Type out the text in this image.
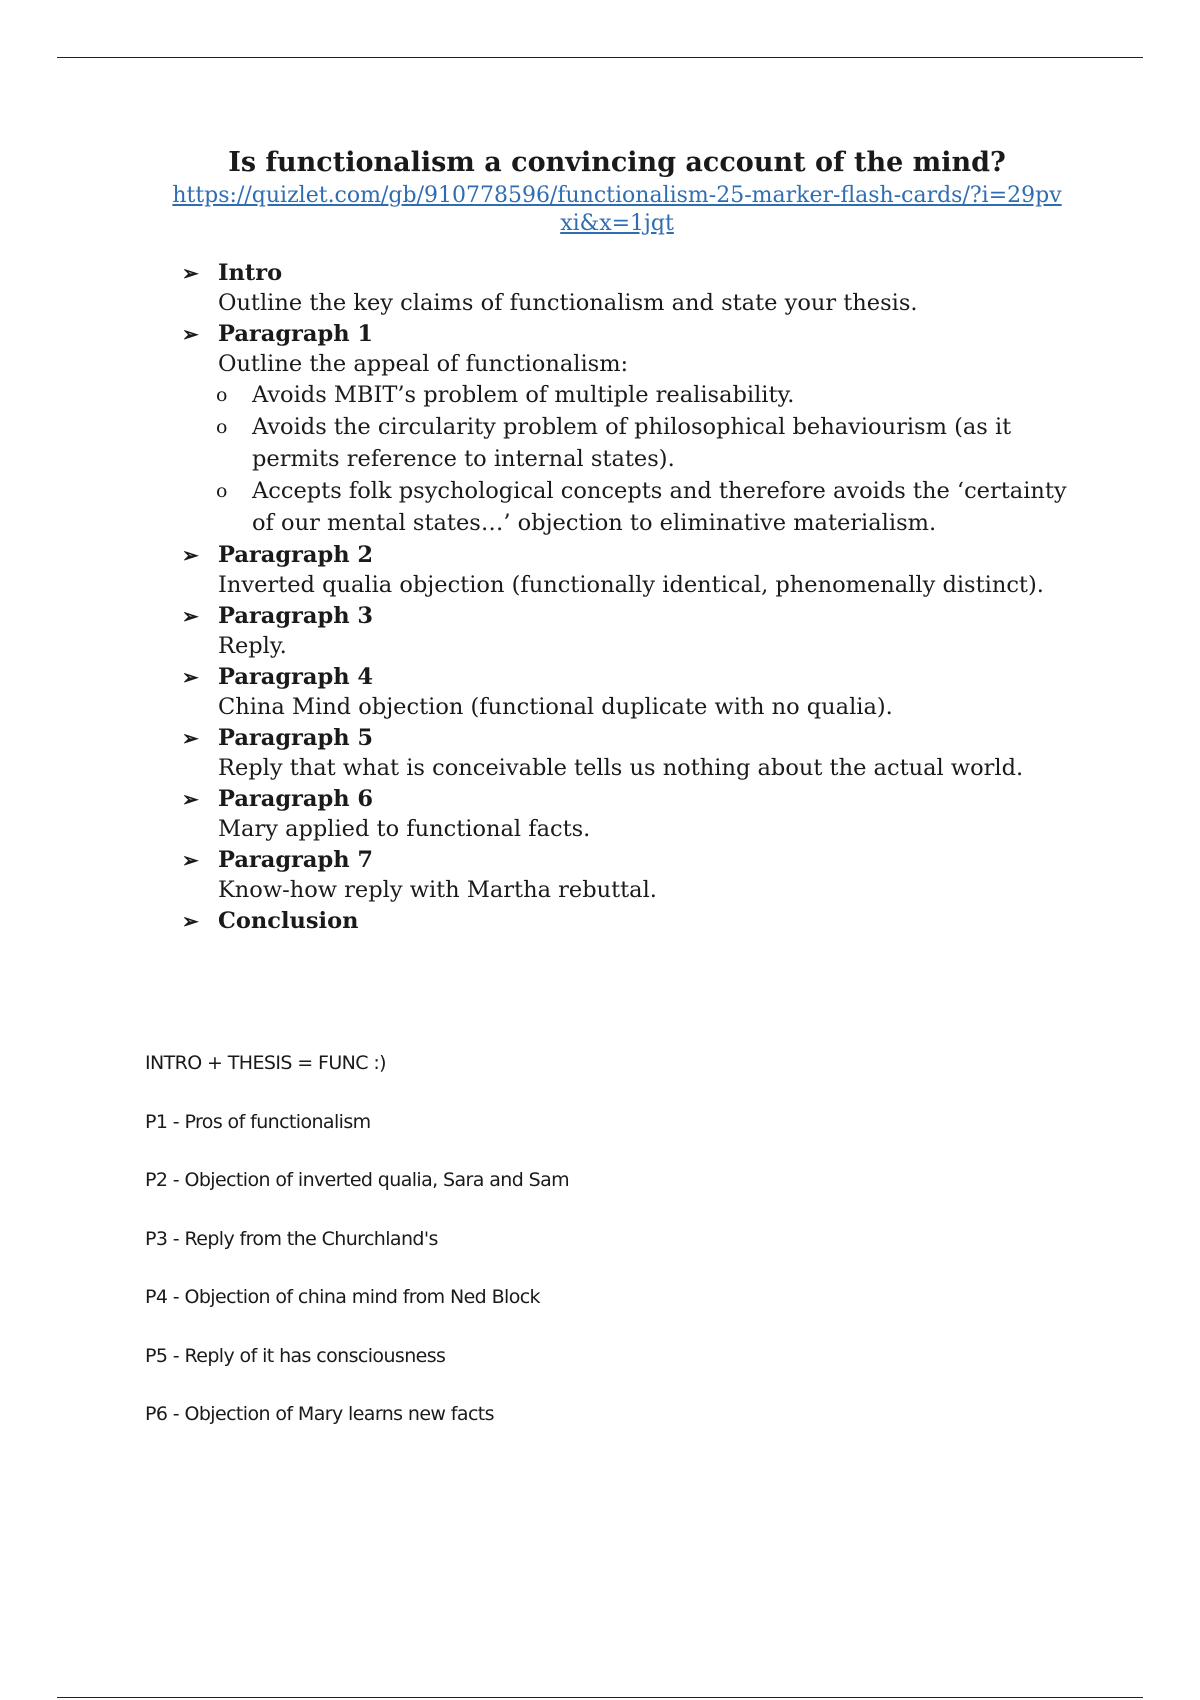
Is functionalism a convincing account of the mind?
https://quizlet.com/gb/910778596/functionalism-25-marker-flash-cards/?i=29pvxi&x=1jqt
➢ Intro
Outline the key claims of functionalism and state your thesis.
➢ Paragraph 1
Outline the appeal of functionalism:
o Avoids MBIT’s problem of multiple realisability.
o Avoids the circularity problem of philosophical behaviourism (as it permits reference to internal states).
o Accepts folk psychological concepts and therefore avoids the ‘certainty of our mental states…’ objection to eliminative materialism.
➢ Paragraph 2
Inverted qualia objection (functionally identical, phenomenally distinct).
➢ Paragraph 3
Reply.
➢ Paragraph 4
China Mind objection (functional duplicate with no qualia).
➢ Paragraph 5
Reply that what is conceivable tells us nothing about the actual world.
➢ Paragraph 6
Mary applied to functional facts.
➢ Paragraph 7
Know-how reply with Martha rebuttal.
➢ Conclusion
INTRO + THESIS = FUNC :)
P1 - Pros of functionalism
P2 - Objection of inverted qualia, Sara and Sam
P3 - Reply from the Churchland's
P4 - Objection of china mind from Ned Block
P5 - Reply of it has consciousness
P6 - Objection of Mary learns new facts
